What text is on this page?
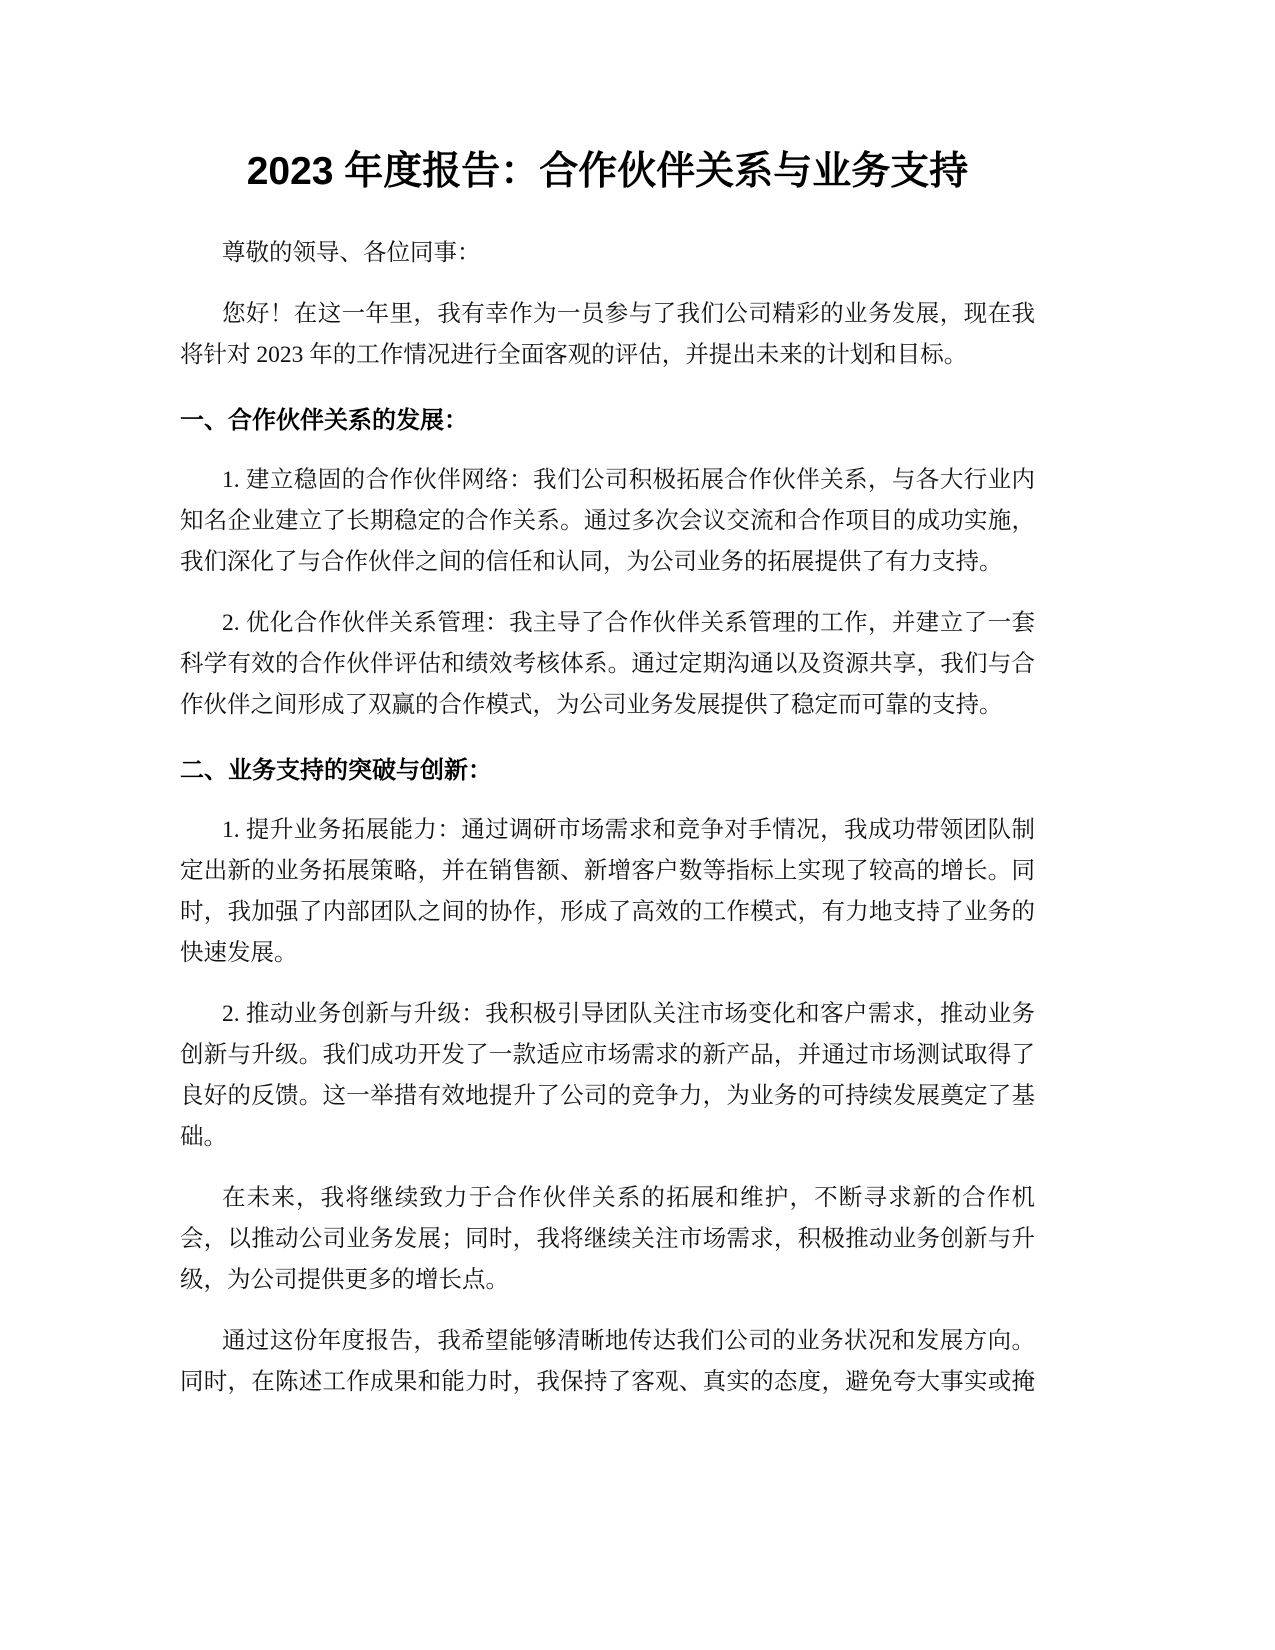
2023 年度报告：合作伙伴关系与业务支持

尊敬的领导、各位同事：

您好！在这一年里，我有幸作为一员参与了我们公司精彩的业务发展，现在我
将针对 2023 年的工作情况进行全面客观的评估，并提出未来的计划和目标。

一、合作伙伴关系的发展：

1. 建立稳固的合作伙伴网络：我们公司积极拓展合作伙伴关系，与各大行业内
知名企业建立了长期稳定的合作关系。通过多次会议交流和合作项目的成功实施，
我们深化了与合作伙伴之间的信任和认同，为公司业务的拓展提供了有力支持。

2. 优化合作伙伴关系管理：我主导了合作伙伴关系管理的工作，并建立了一套
科学有效的合作伙伴评估和绩效考核体系。通过定期沟通以及资源共享，我们与合
作伙伴之间形成了双赢的合作模式，为公司业务发展提供了稳定而可靠的支持。

二、业务支持的突破与创新：

1. 提升业务拓展能力：通过调研市场需求和竞争对手情况，我成功带领团队制
定出新的业务拓展策略，并在销售额、新增客户数等指标上实现了较高的增长。同
时，我加强了内部团队之间的协作，形成了高效的工作模式，有力地支持了业务的
快速发展。

2. 推动业务创新与升级：我积极引导团队关注市场变化和客户需求，推动业务
创新与升级。我们成功开发了一款适应市场需求的新产品，并通过市场测试取得了
良好的反馈。这一举措有效地提升了公司的竞争力，为业务的可持续发展奠定了基
础。

在未来，我将继续致力于合作伙伴关系的拓展和维护，不断寻求新的合作机
会，以推动公司业务发展；同时，我将继续关注市场需求，积极推动业务创新与升
级，为公司提供更多的增长点。

通过这份年度报告，我希望能够清晰地传达我们公司的业务状况和发展方向。
同时，在陈述工作成果和能力时，我保持了客观、真实的态度，避免夸大事实或掩
